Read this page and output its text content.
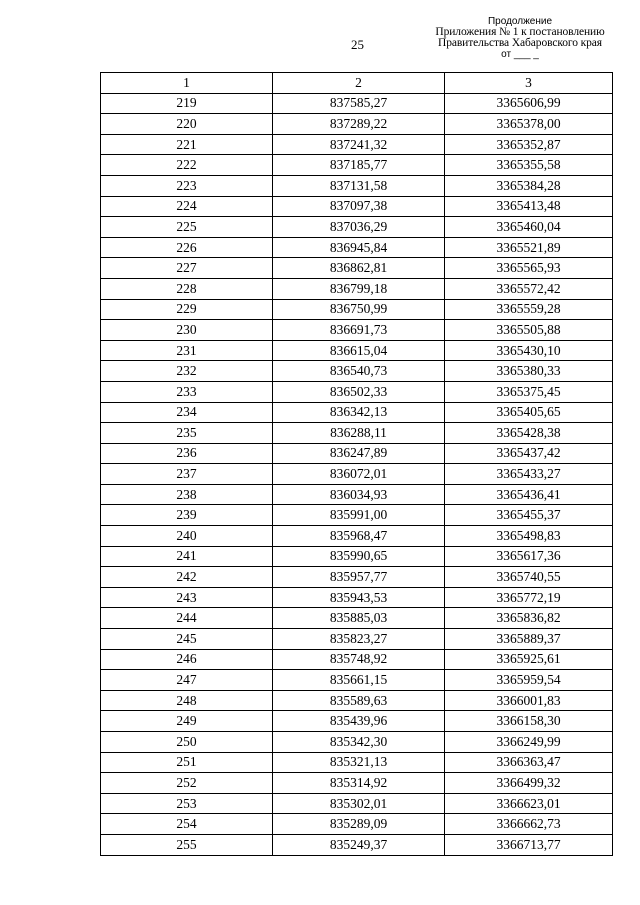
25
Продолжение
Приложения № 1 к постановлению
Правительства Хабаровского края
от ___ _
1	2	3
219	837585,27	3365606,99
220	837289,22	3365378,00
221	837241,32	3365352,87
222	837185,77	3365355,58
223	837131,58	3365384,28
224	837097,38	3365413,48
225	837036,29	3365460,04
226	836945,84	3365521,89
227	836862,81	3365565,93
228	836799,18	3365572,42
229	836750,99	3365559,28
230	836691,73	3365505,88
231	836615,04	3365430,10
232	836540,73	3365380,33
233	836502,33	3365375,45
234	836342,13	3365405,65
235	836288,11	3365428,38
236	836247,89	3365437,42
237	836072,01	3365433,27
238	836034,93	3365436,41
239	835991,00	3365455,37
240	835968,47	3365498,83
241	835990,65	3365617,36
242	835957,77	3365740,55
243	835943,53	3365772,19
244	835885,03	3365836,82
245	835823,27	3365889,37
246	835748,92	3365925,61
247	835661,15	3365959,54
248	835589,63	3366001,83
249	835439,96	3366158,30
250	835342,30	3366249,99
251	835321,13	3366363,47
252	835314,92	3366499,32
253	835302,01	3366623,01
254	835289,09	3366662,73
255	835249,37	3366713,77
